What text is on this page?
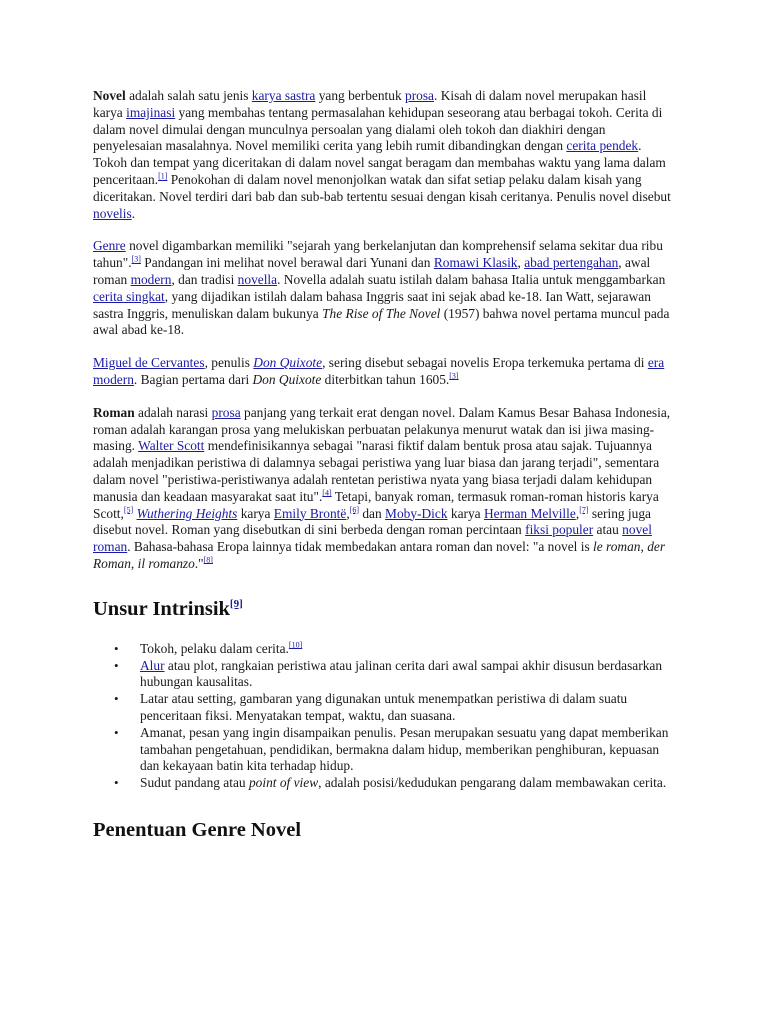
Novel adalah salah satu jenis karya sastra yang berbentuk prosa. Kisah di dalam novel merupakan hasil karya imajinasi yang membahas tentang permasalahan kehidupan seseorang atau berbagai tokoh. Cerita di dalam novel dimulai dengan munculnya persoalan yang dialami oleh tokoh dan diakhiri dengan penyelesaian masalahnya. Novel memiliki cerita yang lebih rumit dibandingkan dengan cerita pendek. Tokoh dan tempat yang diceritakan di dalam novel sangat beragam dan membahas waktu yang lama dalam penceritaan.[1] Penokohan di dalam novel menonjolkan watak dan sifat setiap pelaku dalam kisah yang diceritakan. Novel terdiri dari bab dan sub-bab tertentu sesuai dengan kisah ceritanya. Penulis novel disebut novelis.

Genre novel digambarkan memiliki "sejarah yang berkelanjutan dan komprehensif selama sekitar dua ribu tahun".[3] Pandangan ini melihat novel berawal dari Yunani dan Romawi Klasik, abad pertengahan, awal roman modern, dan tradisi novella. Novella adalah suatu istilah dalam bahasa Italia untuk menggambarkan cerita singkat, yang dijadikan istilah dalam bahasa Inggris saat ini sejak abad ke-18. Ian Watt, sejarawan sastra Inggris, menuliskan dalam bukunya The Rise of The Novel (1957) bahwa novel pertama muncul pada awal abad ke-18.

Miguel de Cervantes, penulis Don Quixote, sering disebut sebagai novelis Eropa terkemuka pertama di era modern. Bagian pertama dari Don Quixote diterbitkan tahun 1605.[3]

Roman adalah narasi prosa panjang yang terkait erat dengan novel. Dalam Kamus Besar Bahasa Indonesia, roman adalah karangan prosa yang melukiskan perbuatan pelakunya menurut watak dan isi jiwa masing-masing. Walter Scott mendefinisikannya sebagai "narasi fiktif dalam bentuk prosa atau sajak. Tujuannya adalah menjadikan peristiwa di dalamnya sebagai peristiwa yang luar biasa dan jarang terjadi", sementara dalam novel "peristiwa-peristiwanya adalah rentetan peristiwa nyata yang biasa terjadi dalam kehidupan manusia dan keadaan masyarakat saat itu".[4] Tetapi, banyak roman, termasuk roman-roman historis karya Scott,[5] Wuthering Heights karya Emily Brontë,[6] dan Moby-Dick karya Herman Melville,[7] sering juga disebut novel. Roman yang disebutkan di sini berbeda dengan roman percintaan fiksi populer atau novel roman. Bahasa-bahasa Eropa lainnya tidak membedakan antara roman dan novel: "a novel is le roman, der Roman, il romanzo."[8]

Unsur Intrinsik[9]
• Tokoh, pelaku dalam cerita.[10]
• Alur atau plot, rangkaian peristiwa atau jalinan cerita dari awal sampai akhir disusun berdasarkan hubungan kausalitas.
• Latar atau setting, gambaran yang digunakan untuk menempatkan peristiwa di dalam suatu penceritaan fiksi. Menyatakan tempat, waktu, dan suasana.
• Amanat, pesan yang ingin disampaikan penulis. Pesan merupakan sesuatu yang dapat memberikan tambahan pengetahuan, pendidikan, bermakna dalam hidup, memberikan penghiburan, kepuasan dan kekayaan batin kita terhadap hidup.
• Sudut pandang atau point of view, adalah posisi/kedudukan pengarang dalam membawakan cerita.
Penentuan Genre Novel
